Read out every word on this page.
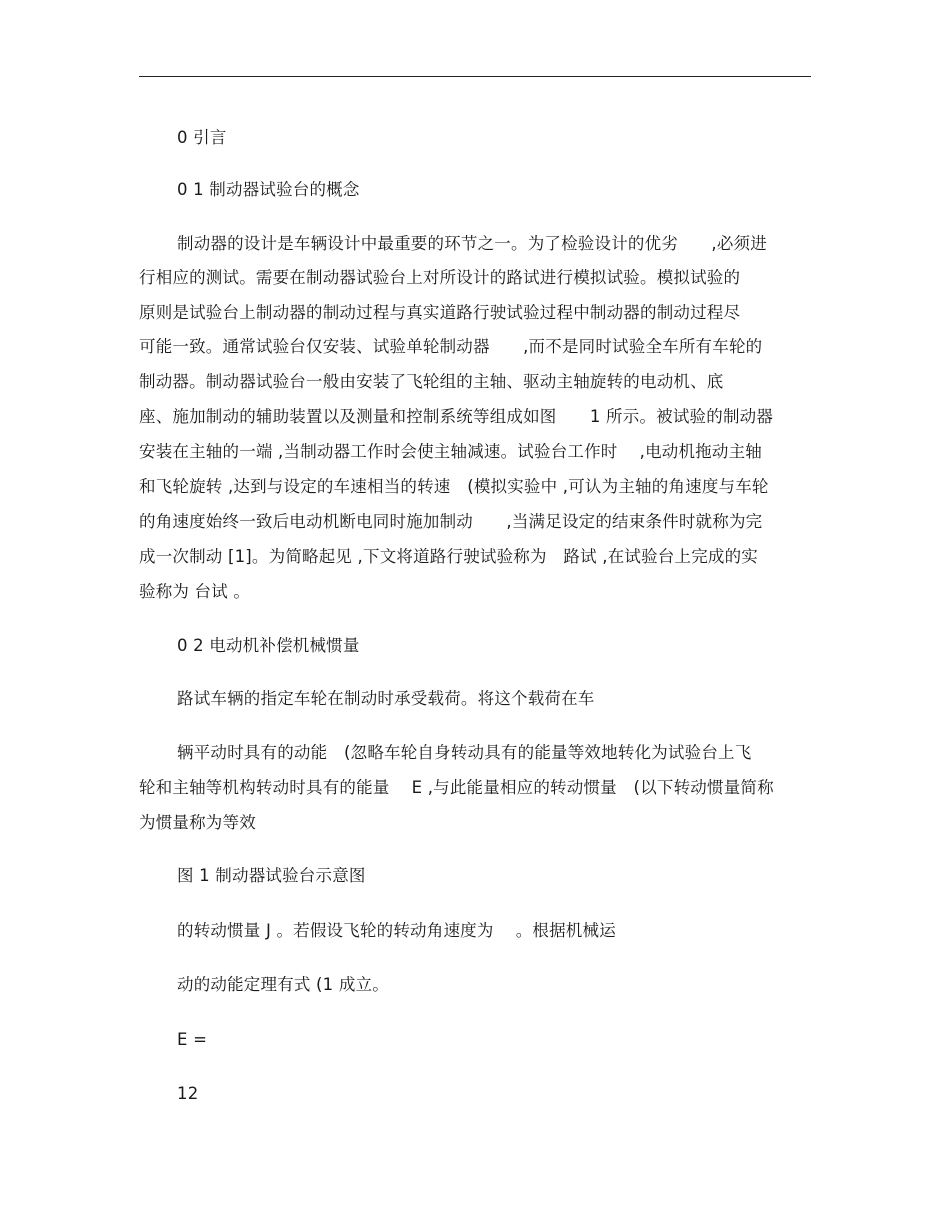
0 引言
0 1 制动器试验台的概念
制动器的设计是车辆设计中最重要的环节之一。为了检验设计的优劣　　,必须进
行相应的测试。需要在制动器试验台上对所设计的路试进行模拟试验。模拟试验的
原则是试验台上制动器的制动过程与真实道路行驶试验过程中制动器的制动过程尽
可能一致。通常试验台仅安装、试验单轮制动器　　,而不是同时试验全车所有车轮的
制动器。制动器试验台一般由安装了飞轮组的主轴、驱动主轴旋转的电动机、底
座、施加制动的辅助装置以及测量和控制系统等组成如图　　1 所示。被试验的制动器
安装在主轴的一端 ,当制动器工作时会使主轴减速。试验台工作时　 ,电动机拖动主轴
和飞轮旋转 ,达到与设定的车速相当的转速　(模拟实验中 ,可认为主轴的角速度与车轮
的角速度始终一致后电动机断电同时施加制动　　,当满足设定的结束条件时就称为完
成一次制动 [1]。为简略起见 ,下文将道路行驶试验称为　路试 ,在试验台上完成的实
验称为 台试 。
0 2 电动机补偿机械惯量
路试车辆的指定车轮在制动时承受载荷。将这个载荷在车
辆平动时具有的动能　(忽略车轮自身转动具有的能量等效地转化为试验台上飞
轮和主轴等机构转动时具有的能量　 E ,与此能量相应的转动惯量　(以下转动惯量简称
为惯量称为等效
图 1 制动器试验台示意图
的转动惯量 J 。若假设飞轮的转动角速度为　 。根据机械运
动的动能定理有式 (1 成立。
E =
12
